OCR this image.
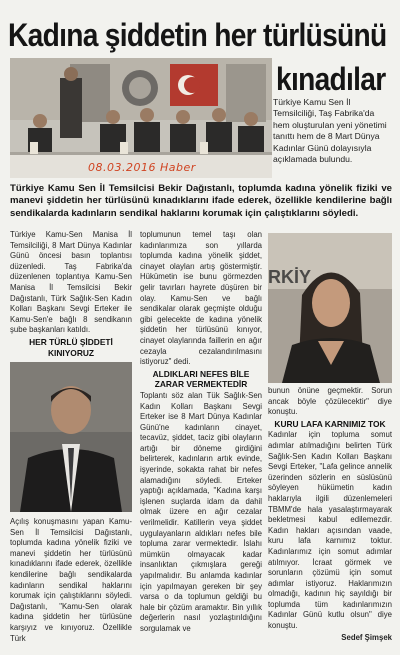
Kadına şiddetin her türlüsünü
08.03.2016 Haber
kınadılar
Türkiye Kamu Sen İl Temsilciliği, Taş Fabrika'da hem oluşturulan yeni yönetimi tanıttı hem de 8 Mart Dünya Kadınlar Günü dolayısıyla açıklamada bulundu.
Türkiye Kamu Sen İl Temsilcisi Bekir Dağıstanlı, toplumda kadına yönelik fiziki ve manevi şiddetin her türlüsünü kınadıklarını ifade ederek, özellikle kendilerine bağlı sendikalarda kadınların sendikal haklarını korumak için çalıştıklarını söyledi.

Türkiye Kamu-Sen Manisa İl Temsilciliği, 8 Mart Dünya Kadınlar Günü öncesi basın toplantısı düzenledi. Taş Fabrika'da düzenlenen toplantıya Kamu-Sen Manisa İl Temsilcisi Bekir Dağıstanlı, Türk Sağlık-Sen Kadın Kolları Başkanı Sevgi Erteker ile Kamu-Sen'e bağlı 8 sendikanın şube başkanları katıldı.

HER TÜRLÜ ŞİDDETİ KINIYORUZ

Açılış konuşmasını yapan Kamu-Sen İl Temsilcisi Dağıstanlı, toplumda kadına yönelik fiziki ve manevi şiddetin her türlüsünü kınadıklarını ifade ederek, özellikle kendilerine bağlı sendikalarda kadınların sendikal haklarını korumak için çalıştıklarını söyledi. Dağıstanlı, "Kamu-Sen olarak kadına şiddetin her türlüsüne karşıyız ve kınıyoruz. Özellikle Türk

toplumunun temel taşı olan kadınlarımıza son yıllarda toplumda kadına yönelik şiddet, cinayet olayları artış göstermiştir. Hükümetin ise bunu görmezden gelir tavırları hayrete düşüren bir olay. Kamu-Sen ve bağlı sendikalar olarak geçmişte olduğu gibi gelecekte de kadına yönelik şiddetin her türlüsünü kınıyor, cinayet olaylarında faillerin en ağır cezayla cezalandırılmasını istiyoruz" dedi.

ALDIKLARI NEFES BİLE ZARAR VERMEKTEDİR

Toplantı söz alan Tük Sağlık-Sen Kadın Kolları Başkanı Sevgi Erteker ise 8 Mart Dünya Kadınlar Günü'ne kadınların cinayet, tecavüz, şiddet, taciz gibi olayların artığı bir döneme girdiğini belirterek, kadınların artık evinde, işyerinde, sokakta rahat bir nefes alamadığını söyledi. Erteker yaptığı açıklamada, "Kadına karşı işlenen suçlarda idam da dahil olmak üzere en ağır cezalar verilmelidir. Katillerin veya şiddet uygulayanların aldıkları nefes bile topluma zarar vermektedir. İslahı mümkün olmayacak kadar insanlıktan çıkmışlara gereği yapılmalıdır. Bu anlamda kadınlar için yapılmayan gereken bir şey varsa o da toplumun geldiği bu hale bir çözüm aramaktır. Bin yıllık değerlerin nasıl yozlaştırıldığını sorgulamak ve

RKİY

bunun önüne geçmektir. Sorun ancak böyle çözülecektir" diye konuştu.

KURU LAFA KARNIMIZ TOK

Kadınlar için topluma somut adımlar atılmadığını belirten Türk Sağlık-Sen Kadın Kolları Başkanı Sevgi Erteker, "Lafa gelince annelik üzerinden sözlerin en süslüsünü söyleyen hükümetin kadın haklarıyla ilgili düzenlemeleri TBMM'de hala yasalaştırmayarak bekletmesi kabul edilemezdir. Kadın hakları açısından vaade, kuru lafa karnımız toktur. Kadınlarımız için somut adımlar atılmıyor. İcraat görmek ve sorunların çözümü için somut adımlar istiyoruz. Haklarımızın olmadığı, kadının hiç sayıldığı bir toplumda tüm kadınlarımızın Kadınlar Günü kutlu olsun" diye konuştu.

Sedef Şimşek
